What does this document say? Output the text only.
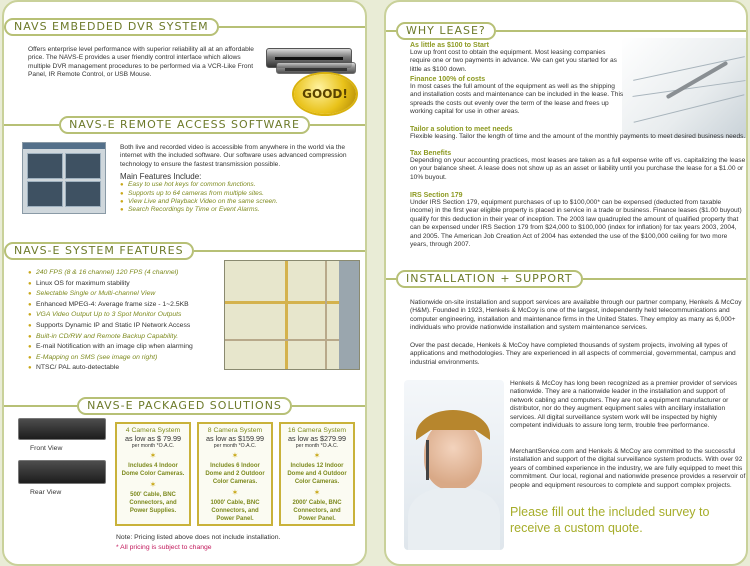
NAVS EMBEDDED DVR SYSTEM
Offers enterprise level performance with superior reliability all at an affordable price. The NAVS-E provides a user friendly control interface which allows multiple DVR management procedures to be performed via a VCR-Like Front Panel, IR Remote Control, or USB Mouse.
GOOD!
NAVS-E REMOTE ACCESS SOFTWARE
Both live and recorded video is accessible from anywhere in the world via the internet with the included software. Our software uses advanced compression technology to ensure the fastest transmission possible.
Main Features Include:
● Easy to use hot keys for common functions.
● Supports up to 64 cameras from multiple sites.
● View Live and Playback Video on the same screen.
● Search Recordings by Time or Event Alarms.
NAVS-E SYSTEM FEATURES
● 240 FPS (8 & 16 channel) 120 FPS (4 channel)
● Linux OS for maximum stability
● Selectable Single or Multi-channel View
● Enhanced MPEG-4: Average frame size - 1~2.5KB
● VGA Video Output Up to 3 Spot Monitor Outputs
● Supports Dynamic IP and Static IP Network Access
● Built-in CD/RW and Remote Backup Capability.
● E-mail Notification with an image clip when alarming
● E-Mapping on SMS (see image on right)
● NTSC/ PAL auto-detectable
NAVS-E PACKAGED SOLUTIONS
Front View
Rear View
4 Camera System
as low as $ 79.99
per month *O.A.C.
✶
Includes 4 Indoor Dome Color Cameras.
✶
500' Cable, BNC Connectors, and Power Supplies.
8 Camera System
as low as $159.99
per month *O.A.C.
✶
Includes 6 Indoor Dome and 2 Outdoor Color Cameras.
✶
1000' Cable, BNC Connectors, and Power Panel.
16 Camera System
as low as $279.99
per month *O.A.C.
✶
Includes 12 Indoor Dome and 4 Outdoor Color Cameras.
✶
2000' Cable, BNC Connectors, and Power Panel.
Note: Pricing listed above does not include installation.
* All pricing is subject to change
WHY LEASE?
As little as $100 to Start
Low up front cost to obtain the equipment. Most leasing companies require one or two payments in advance. We can get you started for as little as $100 down.
Finance 100% of costs
In most cases the full amount of the equipment as well as the shipping and installation costs and maintenance can be included in the lease. This spreads the costs out evenly over the term of the lease and frees up working capital for use in other areas.
Tailor a solution to meet needs
Flexible leasing. Tailor the length of time and the amount of the monthly payments to meet desired business needs.
Tax Benefits
Depending on your accounting practices, most leases are taken as a full expense write off vs. capitalizing the lease on your balance sheet. A lease does not show up as an asset or liability until you purchase the lease for a $1.00 or 10% buyout.
IRS Section 179
Under IRS Section 179, equipment purchases of up to $100,000* can be expensed (deducted from taxable income) in the first year eligible property is placed in service in a trade or business. Finance leases ($1.00 buyout) qualify for this deduction in their year of inception. The 2003 law quadrupled the amount of qualified property that can be expensed under IRS Section 179 from $24,000 to $100,000 (index for inflation) for tax years 2003, 2004, and 2005. The American Job Creation Act of 2004 has extended the use of the $100,000 ceiling for two more years, through 2007.
INSTALLATION + SUPPORT
Nationwide on-site installation and support services are available through our partner company, Henkels & McCoy (H&M). Founded in 1923, Henkels & McCoy is one of the largest, independently held telecommunications and computer engineering, installation and maintenance firms in the United States. They employ as many as 6,000+ individuals who provide nationwide installation and system maintenance services.
Over the past decade, Henkels & McCoy have completed thousands of system projects, involving all types of applications and methodologies. They are experienced in all aspects of commercial, governmental, campus and industrial environments.
Henkels & McCoy has long been recognized as a premier provider of services nationwide. They are a nationwide leader in the installation and support of network cabling and computers. They are not a equipment manufacturer or distributor, nor do they augment equipment sales with ancillary installation services. All digital surveillance system work will be inspected by highly competent individuals to assure long term, trouble free performance.
MerchantService.com and Henkels & McCoy are committed to the successful installation and support of the digital surveillance system products. With over 92 years of combined experience in the industry, we are fully equipped to meet this commitment. Our local, regional and nationwide presence provides a reservoir of people and equipment resources to complete and support complex projects.
Please fill out the included survey to receive a custom quote.
